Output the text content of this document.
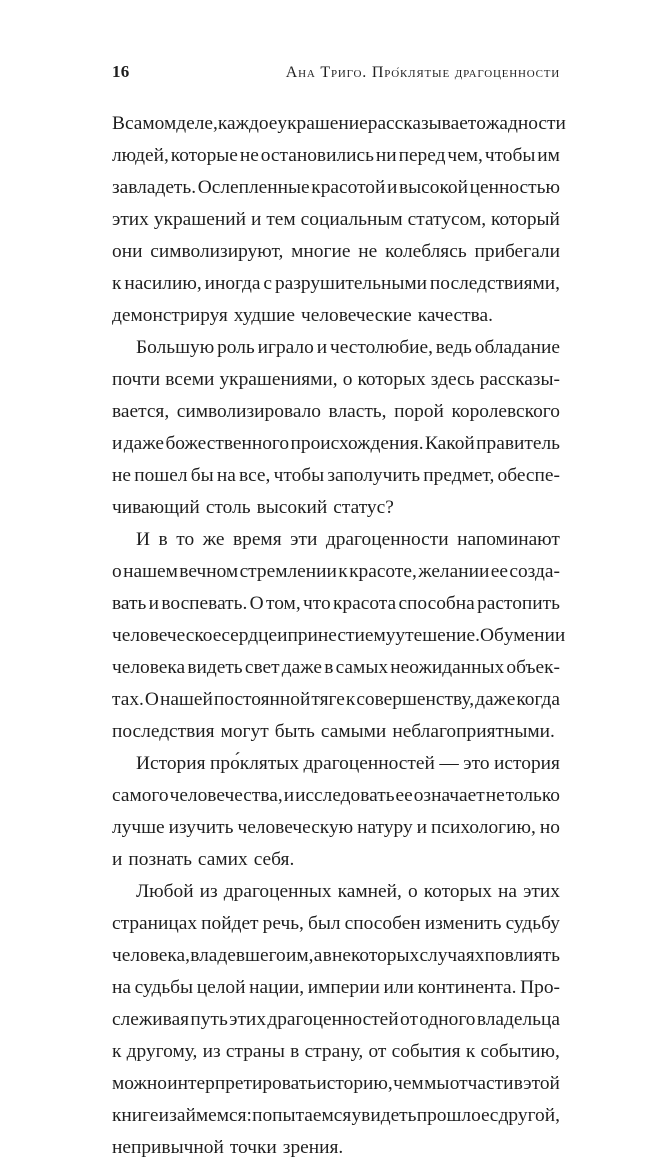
16	Ана Триго. Про́клятые драгоценности
В самом деле, каждое украшение рассказывает о жадности
людей, которые не остановились ни перед чем, чтобы им
завладеть. Ослепленные красотой и высокой ценностью
этих украшений и тем социальным статусом, который
они символизируют, многие не колеблясь прибегали
к насилию, иногда с разрушительными последствиями,
демонстрируя худшие человеческие качества.
Большую роль играло и честолюбие, ведь обладание
почти всеми украшениями, о которых здесь рассказы-
вается, символизировало власть, порой королевского
и даже божественного происхождения. Какой правитель
не пошел бы на все, чтобы заполучить предмет, обеспе-
чивающий столь высокий статус?
И в то же время эти драгоценности напоминают
о нашем вечном стремлении к красоте, желании ее созда-
вать и воспевать. О том, что красота способна растопить
человеческое сердце и принести ему утешение. Об умении
человека видеть свет даже в самых неожиданных объек-
тах. О нашей постоянной тяге к совершенству, даже когда
последствия могут быть самыми неблагоприятными.
История про́клятых драгоценностей — это история
самого человечества, и исследовать ее означает не только
лучше изучить человеческую натуру и психологию, но
и познать самих себя.
Любой из драгоценных камней, о которых на этих
страницах пойдет речь, был способен изменить судьбу
человека, владевшего им, а в некоторых случаях повлиять
на судьбы целой нации, империи или континента. Про-
слеживая путь этих драгоценностей от одного владельца
к другому, из страны в страну, от события к событию,
можно интерпретировать историю, чем мы отчасти в этой
книге и займемся: попытаемся увидеть прошлое с другой,
непривычной точки зрения.
